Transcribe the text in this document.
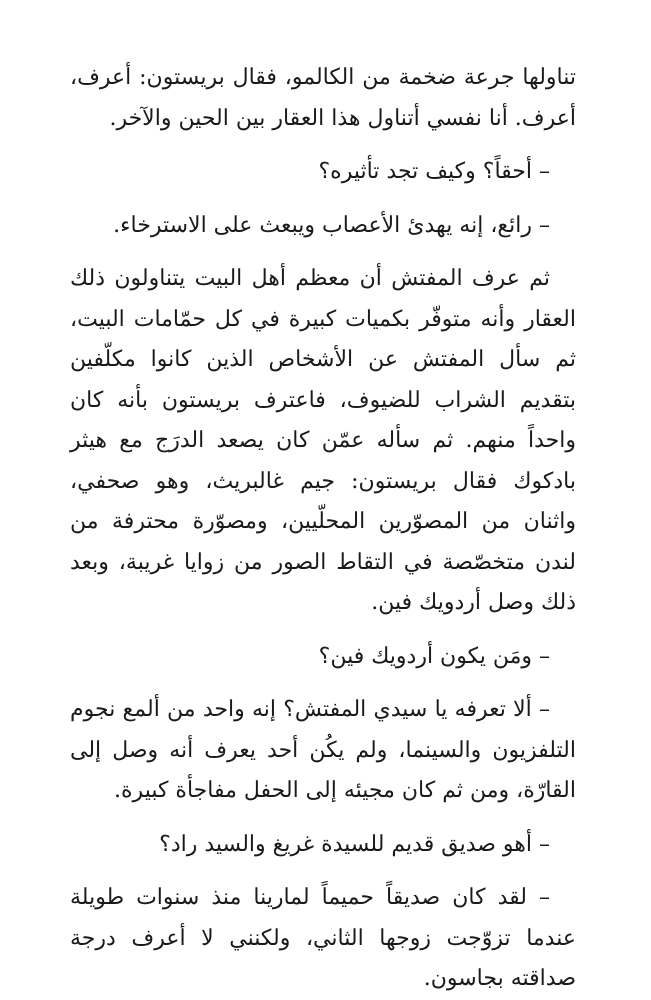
تناولها جرعة ضخمة من الكالمو، فقال بريستون: أعرف، أعرف. أنا نفسي أتناول هذا العقار بين الحين والآخر.

– أحقاً؟ وكيف تجد تأثيره؟

– رائع، إنه يهدئ الأعصاب ويبعث على الاسترخاء.

ثم عرف المفتش أن معظم أهل البيت يتناولون ذلك العقار وأنه متوفّر بكميات كبيرة في كل حمّامات البيت، ثم سأل المفتش عن الأشخاص الذين كانوا مكلّفين بتقديم الشراب للضيوف، فاعترف بريستون بأنه كان واحداً منهم. ثم سأله عمّن كان يصعد الدرَج مع هيثر بادكوك فقال بريستون: جيم غالبريث، وهو صحفي، واثنان من المصوّرين المحلّيين، ومصوّرة محترفة من لندن متخصّصة في التقاط الصور من زوايا غريبة، وبعد ذلك وصل أردويك فين.

– ومَن يكون أردويك فين؟

– ألا تعرفه يا سيدي المفتش؟ إنه واحد من ألمع نجوم التلفزيون والسينما، ولم يكُن أحد يعرف أنه وصل إلى القارّة، ومن ثم كان مجيئه إلى الحفل مفاجأة كبيرة.

– أهو صديق قديم للسيدة غريغ والسيد راد؟

– لقد كان صديقاً حميماً لمارينا منذ سنوات طويلة عندما تزوّجت زوجها الثاني، ولكنني لا أعرف درجة صداقته بجاسون.
